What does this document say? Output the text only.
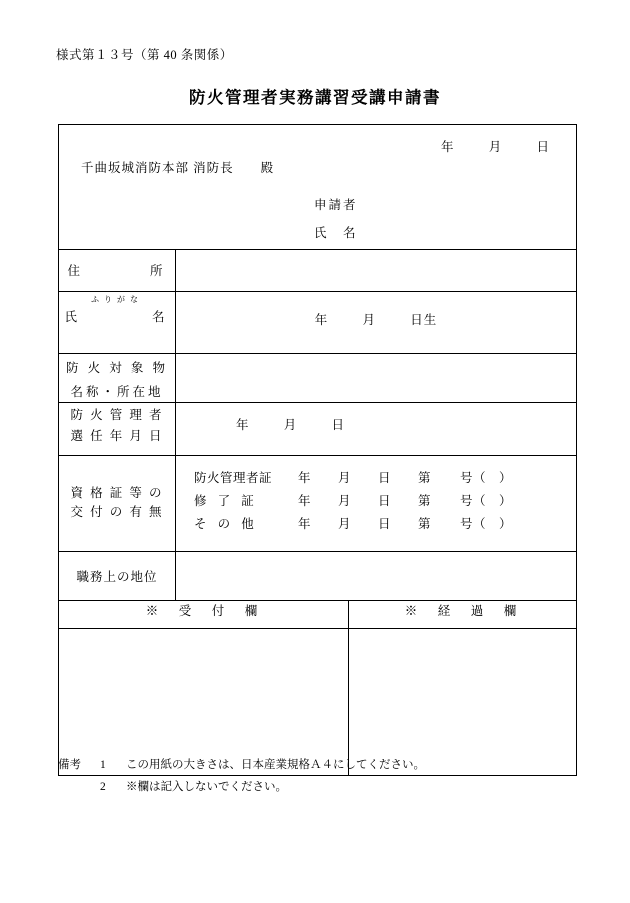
様式第１３号（第 40 条関係）
防火管理者実務講習受講申請書
年 月 日
千曲坂城消防本部 消防長　　殿
申請者
氏　名		

住　　　　所		

ふりがな
氏　　　　名	年 月 日生	

防 火 対 象 物
名称・所在地		

防 火 管 理 者
選 任 年 月 日	年 月 日	

資 格 証 等 の
交 付 の 有 無

防火管理者証 年 月 日 第 号（　）
修 了 証	年 月 日 第 号（　）
そ の 他	年 月 日 第 号（　）

職務上の地位		

※　受　付　欄		※　経　過　欄

備考 1 この用紙の大きさは、日本産業規格Ａ４にしてください。
2 ※欄は記入しないでください。
